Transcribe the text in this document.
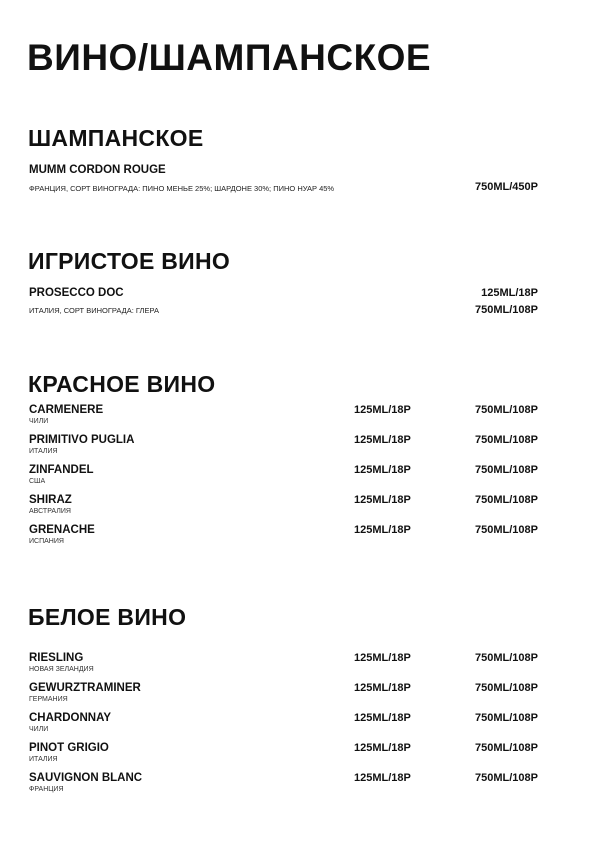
ВИНО/ШАМПАНСКОЕ
ШАМПАНСКОЕ
MUMM CORDON ROUGE
ФРАНЦИЯ, СОРТ ВИНОГРАДА: ПИНО МЕНЬЕ 25%; ШАРДОНЕ 30%; ПИНО НУАР 45%	750ML/450P
ИГРИСТОЕ ВИНО
PROSECCO DOC	125ML/18P
ИТАЛИЯ, СОРТ ВИНОГРАДА: ГЛЕРА	750ML/108P
КРАСНОЕ ВИНО
CARMENERE
ЧИЛИ
125ML/18P	750ML/108P
PRIMITIVO PUGLIA
ИТАЛИЯ
125ML/18P	750ML/108P
ZINFANDEL
США
125ML/18P	750ML/108P
SHIRAZ
АВСТРАЛИЯ
125ML/18P	750ML/108P
GRENACHE
ИСПАНИЯ
125ML/18P	750ML/108P
БЕЛОЕ ВИНО
RIESLING
НОВАЯ ЗЕЛАНДИЯ
125ML/18P	750ML/108P
GEWURZTRAMINER
ГЕРМАНИЯ
125ML/18P	750ML/108P
CHARDONNAY
ЧИЛИ
125ML/18P	750ML/108P
PINOT GRIGIO
ИТАЛИЯ
125ML/18P	750ML/108P
SAUVIGNON BLANC
ФРАНЦИЯ
125ML/18P	750ML/108P
